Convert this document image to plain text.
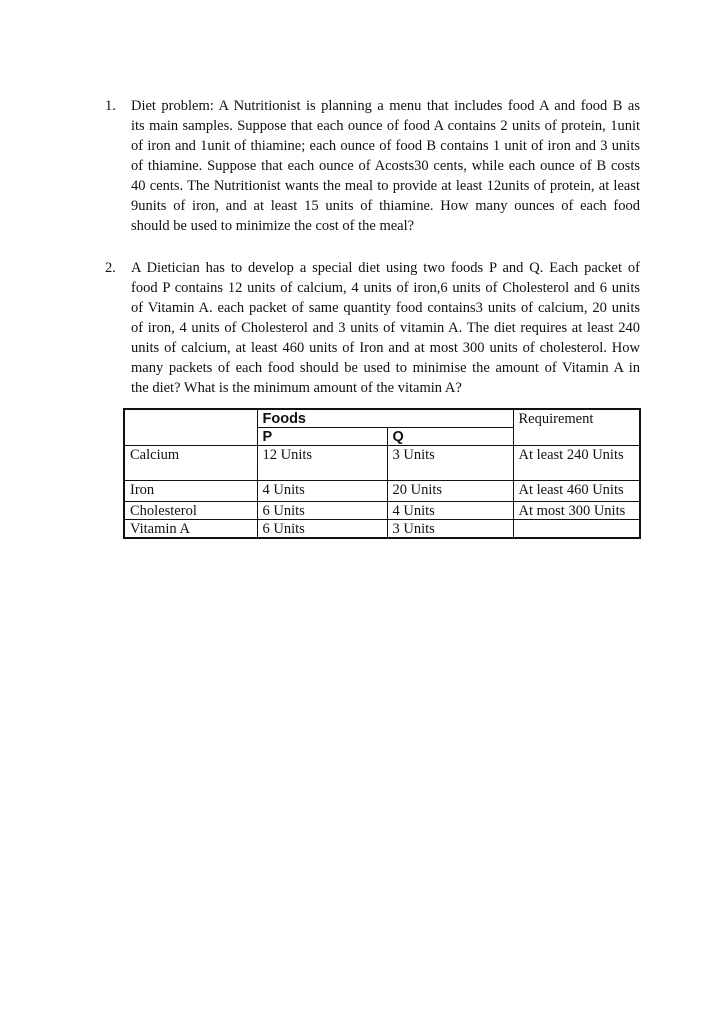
1.	Diet problem: A Nutritionist is planning a menu that includes food A and food B as
its main samples. Suppose that each ounce of food A contains 2 units of protein, 1unit
of iron and 1unit of thiamine; each ounce of food B contains 1 unit of iron and 3 units
of thiamine. Suppose that each ounce of Acosts30 cents, while each ounce of B costs
40 cents. The Nutritionist wants the meal to provide at least 12units of protein, at least
9units of iron, and at least 15 units of thiamine. How many ounces of each food
should be used to minimize the cost of the meal?
2.	A Dietician has to develop a special diet using two foods P and Q. Each packet of
food P contains 12 units of calcium, 4 units of iron,6 units of Cholesterol and 6 units
of Vitamin A. each packet of same quantity food contains3 units of calcium, 20 units
of iron, 4 units of Cholesterol and 3 units of vitamin A. The diet requires at least 240
units of calcium, at least 460 units of Iron and at most 300 units of cholesterol. How
many packets of each food should be used to minimise the amount of Vitamin A in
the diet? What is the minimum amount of the vitamin A?
	Foods		Requirement
	P	Q	
Calcium	12 Units	3 Units	At least 240 Units
Iron	4 Units	20 Units	At least 460 Units
Cholesterol	6 Units	4 Units	At most 300 Units
Vitamin A	6 Units	3 Units	
